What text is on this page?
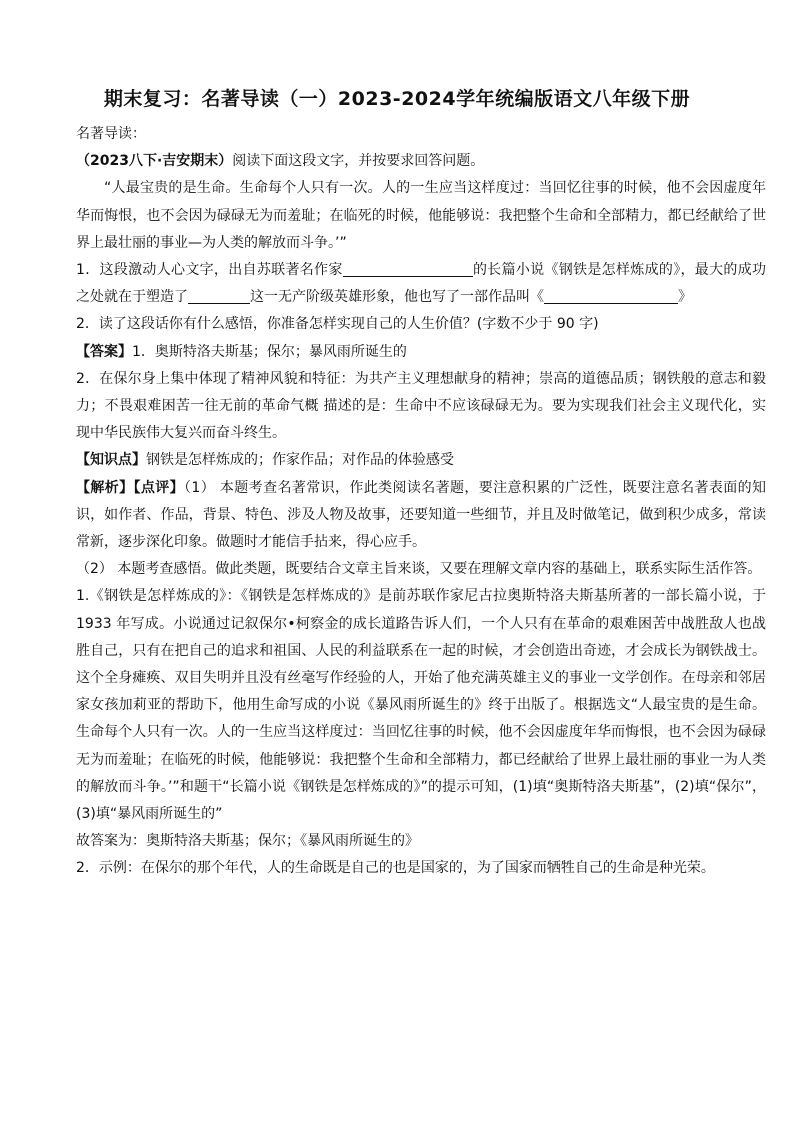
期末复习：名著导读（一）2023-2024学年统编版语文八年级下册

名著导读：

（2023八下·吉安期末）阅读下面这段文字，并按要求回答问题。

“人最宝贵的是生命。生命每个人只有一次。人的一生应当这样度过：当回忆往事的时候，他不会因虚度年华而悔恨，也不会因为碌碌无为而羞耻；在临死的时候，他能够说：我把整个生命和全部精力，都已经献给了世界上最壮丽的事业—为人类的解放而斗争。’”

1．这段激动人心文字，出自苏联著名作家	的长篇小说《钢铁是怎样炼成的》，最大的成功之处就在于塑造了	这一无产阶级英雄形象，他也写了一部作品叫《	》

2．读了这段话你有什么感悟，你准备怎样实现自己的人生价值？(字数不少于 90 字)

【答案】1．奥斯特洛夫斯基；保尔；暴风雨所诞生的

2．在保尔身上集中体现了精神风貌和特征：为共产主义理想献身的精神；崇高的道德品质；钢铁般的意志和毅力；不畏艰难困苦一往无前的革命气概 描述的是：生命中不应该碌碌无为。要为实现我们社会主义现代化，实现中华民族伟大复兴而奋斗终生。

【知识点】钢铁是怎样炼成的；作家作品；对作品的体验感受

【解析】【点评】（1） 本题考查名著常识，作此类阅读名著题，要注意积累的广泛性，既要注意名著表面的知识，如作者、作品，背景、特色、涉及人物及故事，还要知道一些细节，并且及时做笔记，做到积少成多，常读常新，逐步深化印象。做题时才能信手拈来，得心应手。

（2） 本题考查感悟。做此类题，既要结合文章主旨来谈，又要在理解文章内容的基础上，联系实际生活作答。

1.《钢铁是怎样炼成的》：《钢铁是怎样炼成的》是前苏联作家尼古拉奥斯特洛夫斯基所著的一部长篇小说，于1933 年写成。小说通过记叙保尔•柯察金的成长道路告诉人们，一个人只有在革命的艰难困苦中战胜敌人也战胜自己，只有在把自己的追求和祖国、人民的利益联系在一起的时候，才会创造出奇迹，才会成长为钢铁战士。这个全身瘫痪、双目失明并且没有丝毫写作经验的人，开始了他充满英雄主义的事业一文学创作。在母亲和邻居家女孩加莉亚的帮助下，他用生命写成的小说《暴风雨所诞生的》终于出版了。根据选文“人最宝贵的是生命。生命每个人只有一次。人的一生应当这样度过：当回忆往事的时候，他不会因虚度年华而悔恨，也不会因为碌碌无为而羞耻；在临死的时候，他能够说：我把整个生命和全部精力，都已经献给了世界上最壮丽的事业一为人类的解放而斗争。’”和题干“长篇小说《钢铁是怎样炼成的》”的提示可知，(1)填“奥斯特洛夫斯基”，(2)填“保尔”，(3)填“暴风雨所诞生的”

故答案为：奥斯特洛夫斯基；保尔；《暴风雨所诞生的》

2．示例：在保尔的那个年代，人的生命既是自己的也是国家的，为了国家而牺牲自己的生命是种光荣。
